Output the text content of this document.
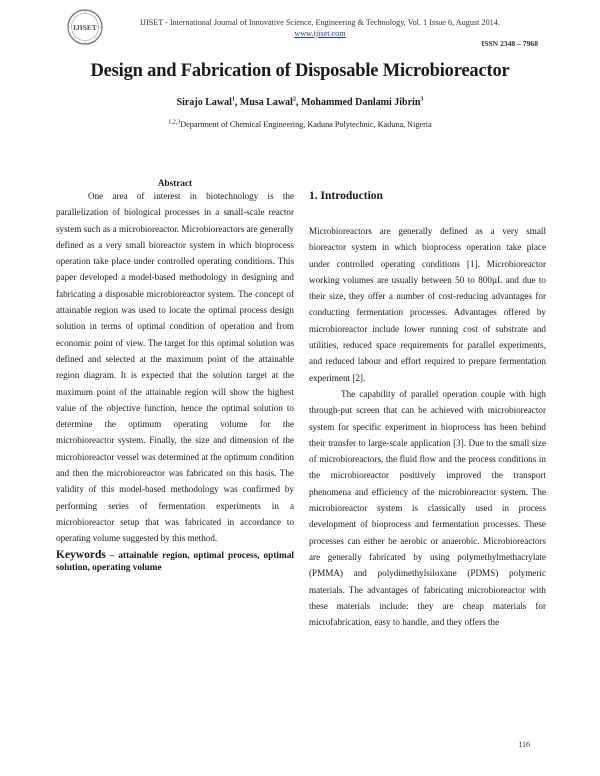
IJISET
IJISET - International Journal of Innovative Science, Engineering & Technology, Vol. 1 Issue 6, August 2014.
www.ijiset.com
ISSN 2348 – 7968
Design and Fabrication of Disposable Microbioreactor
Sirajo Lawal$^1$, Musa Lawal$^2$, Mohammed Danlami Jibrin$^3$
$^{1,2,3}$Department of Chemical Engineering, Kaduna Polytechnic, Kaduna, Nigeria
Abstract

One area of interest in biotechnology is the parallelization of biological processes in a small-scale reactor system such as a microbioreactor. Microbioreactors are generally defined as a very small bioreactor system in which bioprocess operation take place under controlled operating conditions. This paper developed a model-based methodology in designing and fabricating a disposable microbioreactor system. The concept of attainable region was used to locate the optimal process design solution in terms of optimal condition of operation and from economic point of view. The target for this optimal solution was defined and selected at the maximum point of the attainable region diagram. It is expected that the solution target at the maximum point of the attainable region will show the highest value of the objective function, hence the optimal solution to determine the optimum operating volume for the microbioreactor system. Finally, the size and dimension of the microbioreactor vessel was determined at the optimum condition and then the microbioreactor was fabricated on this basis. The validity of this model-based methodology was confirmed by performing series of fermentation experiments in a microbioreactor setup that was fabricated in accordance to operating volume suggested by this method.

Keywords – attainable region, optimal process, optimal solution, operating volume
1. Introduction

Microbioreactors are generally defined as a very small bioreactor system in which bioprocess operation take place under controlled operating conditions [1]. Microbioreactor working volumes are usually between 50 to 800µL and due to their size, they offer a number of cost-reducing advantages for conducting fermentation processes. Advantages offered by microbioreactor include lower running cost of substrate and utilities, reduced space requirements for parallel experiments, and reduced labour and effort required to prepare fermentation experiment [2].

The capability of parallel operation couple with high through-put screen that can be achieved with microbioreactor system for specific experiment in bioprocess has been behind their transfer to large-scale application [3]. Due to the small size of microbioreactors, the fluid flow and the process conditions in the microbioreactor positively improved the transport phenomena and efficiency of the microbioreactor system. The microbioreactor system is classically used in process development of bioprocess and fermentation processes. These processes can either be aerobic or anaerobic. Microbioreactors are generally fabricated by using polymethylmethacrylate (PMMA) and polydimethylsiloxane (PDMS) polymeric materials. The advantages of fabricating microbioreactor with these materials include: they are cheap materials for microfabrication, easy to handle, and they offers the

116
